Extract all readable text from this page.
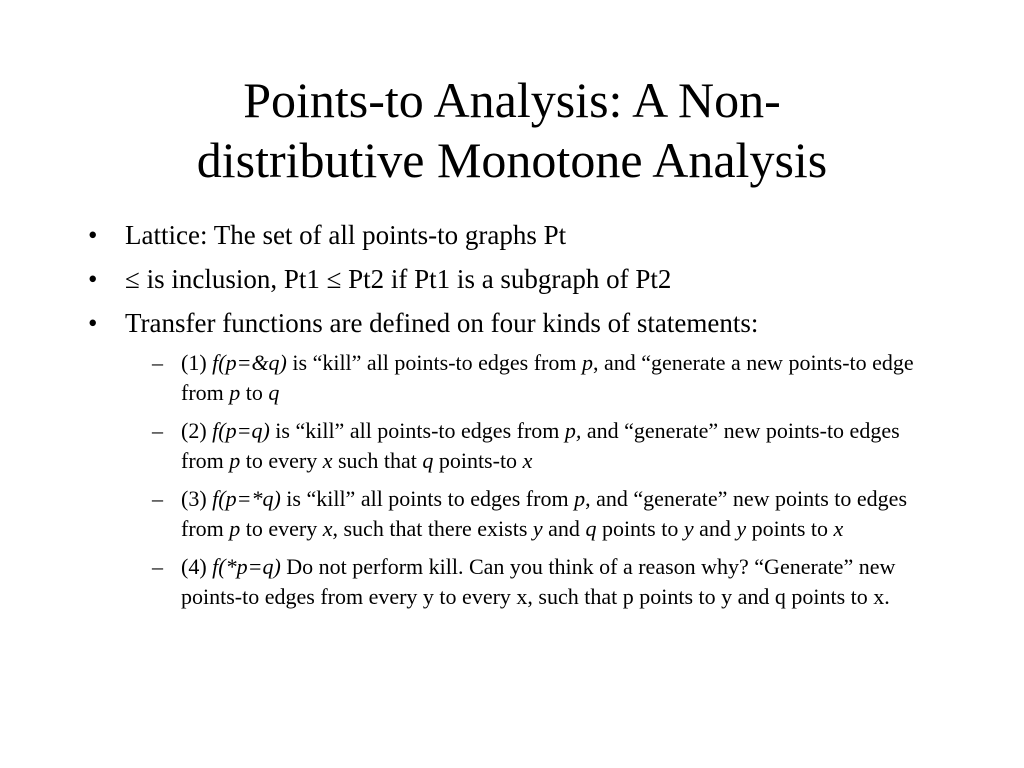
Points-to Analysis: A Non-
distributive Monotone Analysis
• Lattice: The set of all points-to graphs Pt
• ≤ is inclusion, Pt1 ≤ Pt2 if Pt1 is a subgraph of Pt2
• Transfer functions are defined on four kinds of statements:
– (1) f(p=&q) is “kill” all points-to edges from p, and “generate a new points-to edge from p to q
– (2) f(p=q) is “kill” all points-to edges from p, and “generate” new points-to edges from p to every x such that q points-to x
– (3) f(p=*q) is “kill” all points to edges from p, and “generate” new points to edges from p to every x, such that there exists y and q points to y and y points to x
– (4) f(*p=q) Do not perform kill. Can you think of a reason why? “Generate” new points-to edges from every y to every x, such that p points to y and q points to x.
